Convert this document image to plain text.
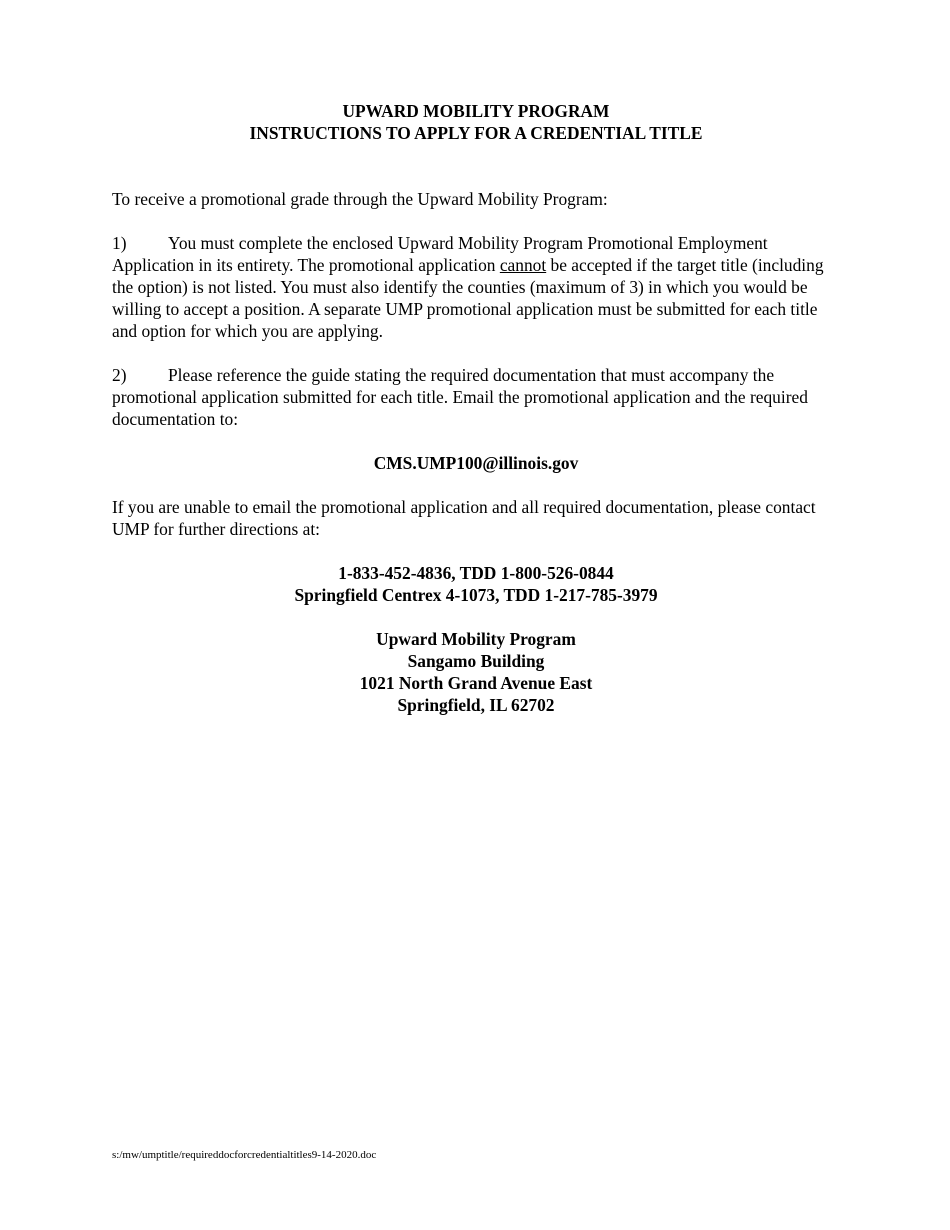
UPWARD MOBILITY PROGRAM
INSTRUCTIONS TO APPLY FOR A CREDENTIAL TITLE

To receive a promotional grade through the Upward Mobility Program:

1) You must complete the enclosed Upward Mobility Program Promotional Employment Application in its entirety. The promotional application cannot be accepted if the target title (including the option) is not listed. You must also identify the counties (maximum of 3) in which you would be willing to accept a position. A separate UMP promotional application must be submitted for each title and option for which you are applying.

2) Please reference the guide stating the required documentation that must accompany the promotional application submitted for each title. Email the promotional application and the required documentation to:

CMS.UMP100@illinois.gov

If you are unable to email the promotional application and all required documentation, please contact UMP for further directions at:

1-833-452-4836, TDD 1-800-526-0844
Springfield Centrex 4-1073, TDD 1-217-785-3979
Upward Mobility Program
Sangamo Building
1021 North Grand Avenue East
Springfield, IL 62702
s:/mw/umptitle/requireddocforcredentialtitles9-14-2020.doc
